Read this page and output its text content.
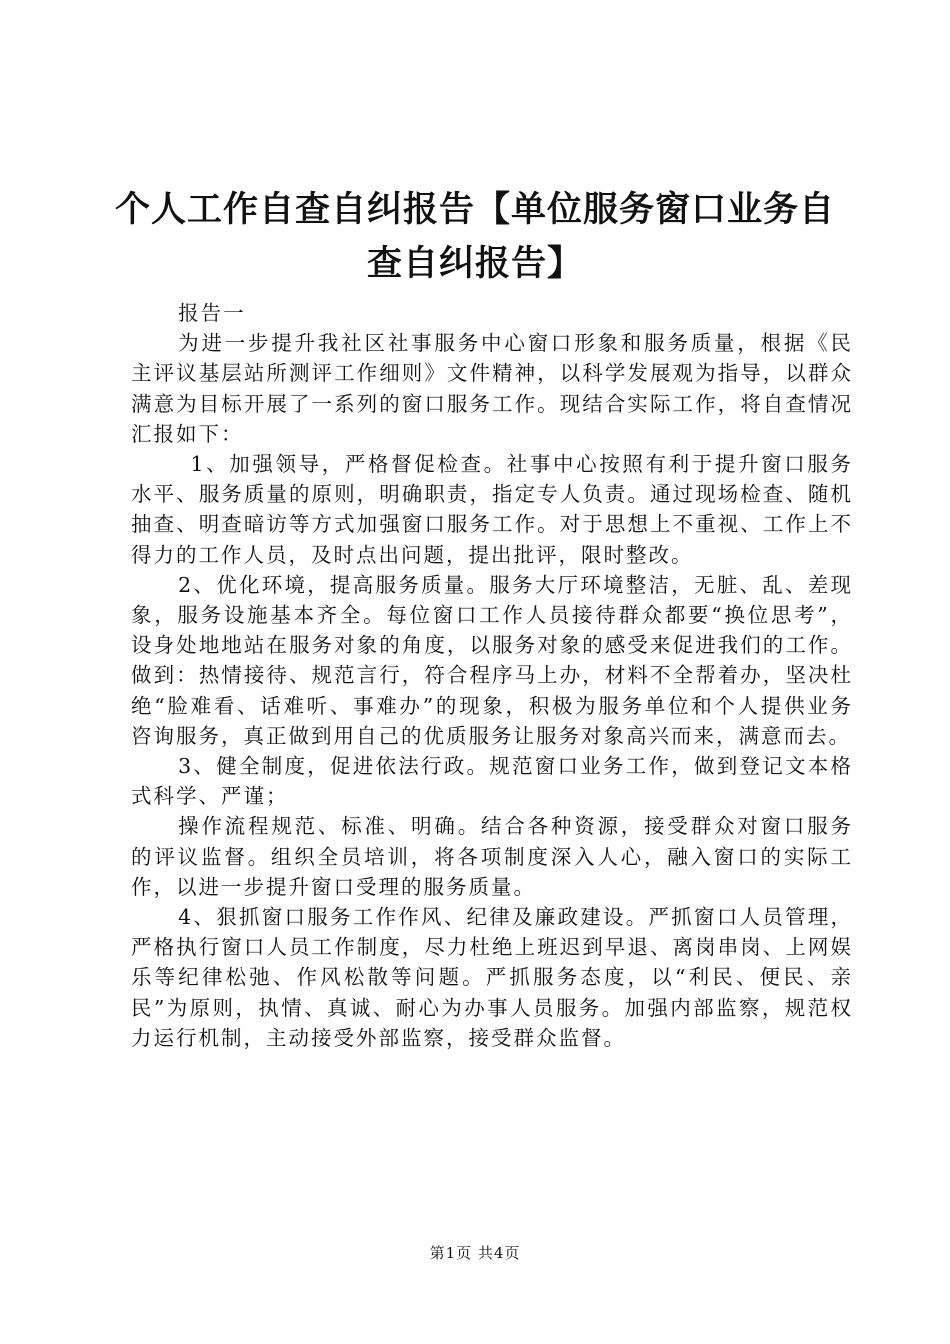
个人工作自查自纠报告【单位服务窗口业务自
查自纠报告】

报告一

为进一步提升我社区社事服务中心窗口形象和服务质量，根据《民主评议基层站所测评工作细则》文件精神，以科学发展观为指导，以群众满意为目标开展了一系列的窗口服务工作。现结合实际工作，将自查情况汇报如下：

1、加强领导，严格督促检查。社事中心按照有利于提升窗口服务水平、服务质量的原则，明确职责，指定专人负责。通过现场检查、随机抽查、明查暗访等方式加强窗口服务工作。对于思想上不重视、工作上不得力的工作人员，及时点出问题，提出批评，限时整改。

2、优化环境，提高服务质量。服务大厅环境整洁，无脏、乱、差现象，服务设施基本齐全。每位窗口工作人员接待群众都要“换位思考”，设身处地地站在服务对象的角度，以服务对象的感受来促进我们的工作。做到：热情接待、规范言行，符合程序马上办，材料不全帮着办，坚决杜绝“脸难看、话难听、事难办”的现象，积极为服务单位和个人提供业务咨询服务，真正做到用自己的优质服务让服务对象高兴而来，满意而去。

3、健全制度，促进依法行政。规范窗口业务工作，做到登记文本格式科学、严谨；

操作流程规范、标准、明确。结合各种资源，接受群众对窗口服务的评议监督。组织全员培训，将各项制度深入人心，融入窗口的实际工作，以进一步提升窗口受理的服务质量。

4、狠抓窗口服务工作作风、纪律及廉政建设。严抓窗口人员管理，严格执行窗口人员工作制度，尽力杜绝上班迟到早退、离岗串岗、上网娱乐等纪律松弛、作风松散等问题。严抓服务态度，以“利民、便民、亲民”为原则，执情、真诚、耐心为办事人员服务。加强内部监察，规范权力运行机制，主动接受外部监察，接受群众监督。

第1页 共4页
